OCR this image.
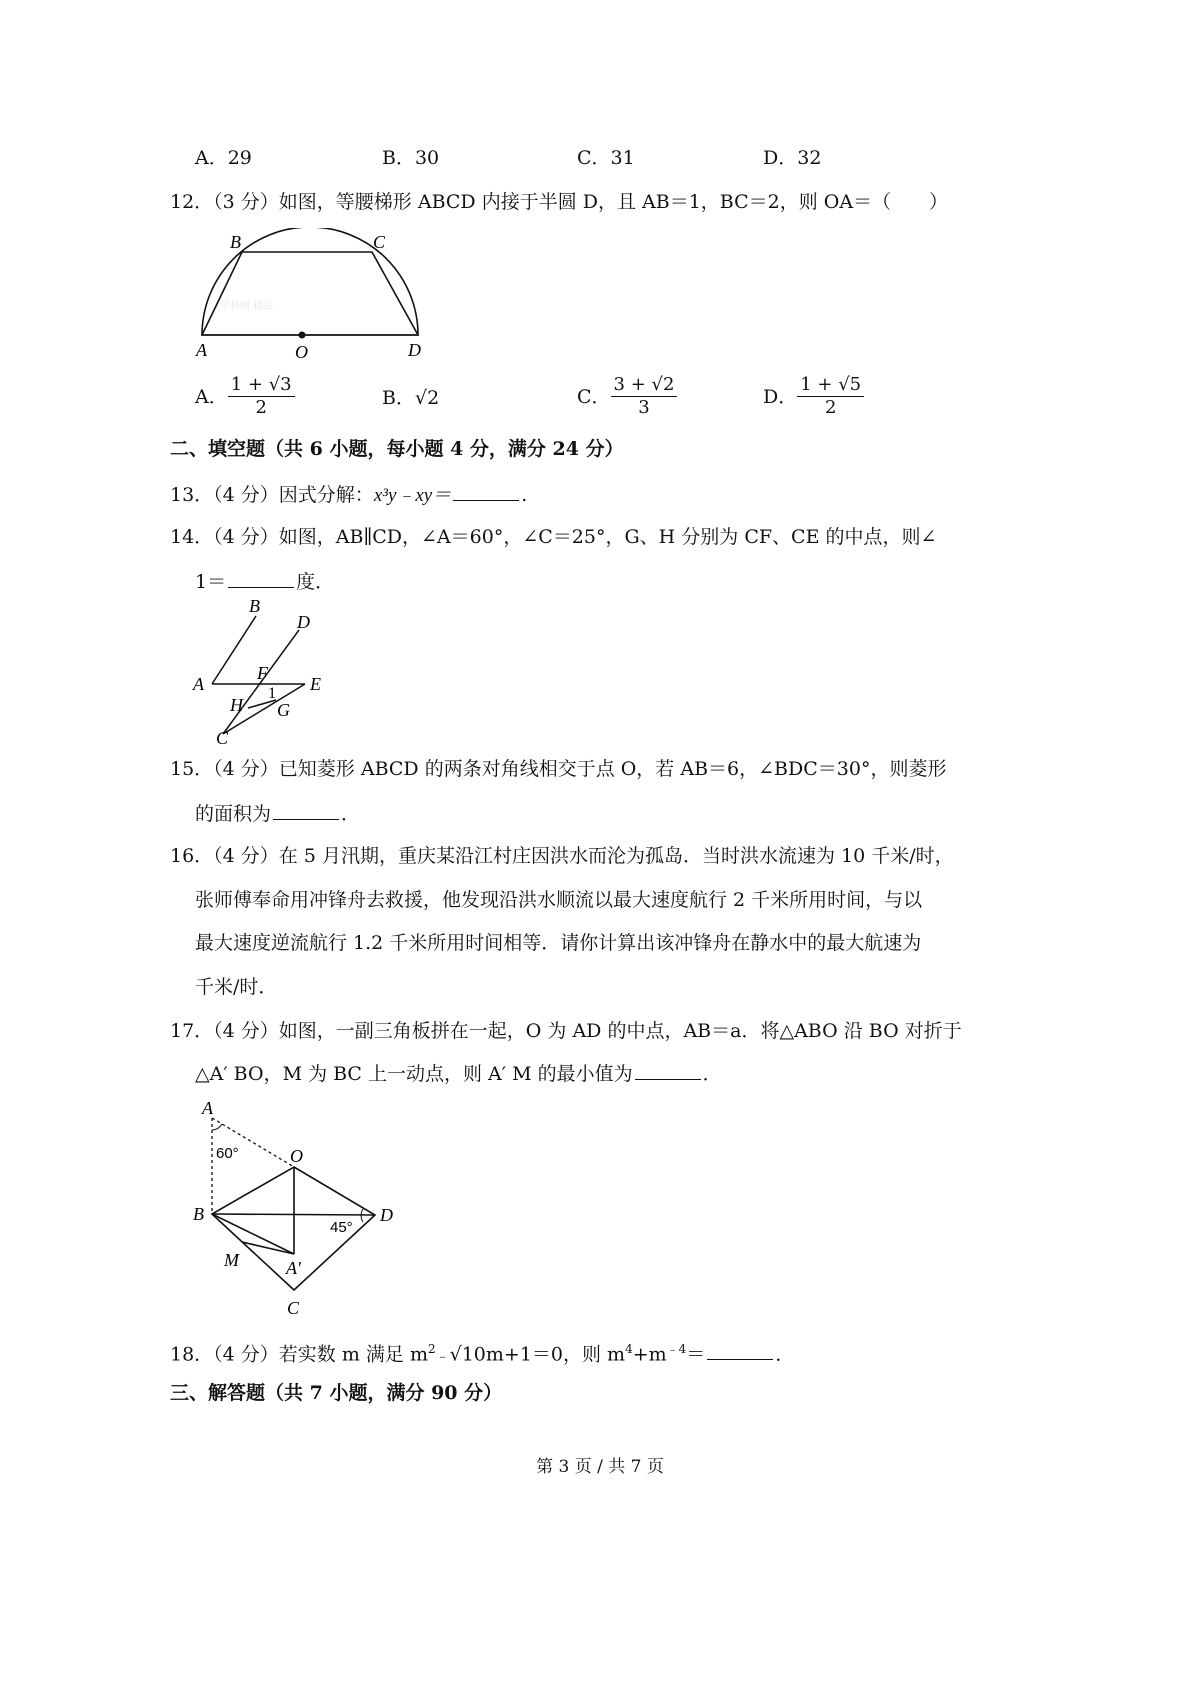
A．29	B．30	C．31	D．32
12．（3 分）如图，等腰梯形 ABCD 内接于半圆 D，且 AB＝1，BC＝2，则 OA＝（　　）
B	C
A	O	D
学科网 精品
A． $\frac{1 + √3}{2}$	B． √2	C． $\frac{3 + √2}{3}$	D． $\frac{1 + √5}{2}$
二、填空题（共 6 小题，每小题 4 分，满分 24 分）
13．（4 分）因式分解：x³y﹣xy＝	.
14．（4 分）如图，AB∥CD，∠A＝60°，∠C＝25°，G、H 分别为 CF、CE 的中点，则∠
1＝	度．
B
D
A
F
E
H
1
G
C
15．（4 分）已知菱形 ABCD 的两条对角线相交于点 O，若 AB＝6，∠BDC＝30°，则菱形
的面积为	．
16．（4 分）在 5 月汛期，重庆某沿江村庄因洪水而沦为孤岛．当时洪水流速为 10 千米/时，
张师傅奉命用冲锋舟去救援，他发现沿洪水顺流以最大速度航行 2 千米所用时间，与以
最大速度逆流航行 1.2 千米所用时间相等．请你计算出该冲锋舟在静水中的最大航速为
千米/时．
17．（4 分）如图，一副三角板拼在一起，O 为 AD 的中点，AB＝a．将△ABO 沿 BO 对折于
△A′ BO，M 为 BC 上一动点，则 A′ M 的最小值为	．
A
60°	O
B
45°
D
M	A′
C
18．（4 分）若实数 m 满足 $m^2﹣√10m+1=0$，则 $m^4+m^{﹣4}=$	．
三、解答题（共 7 小题，满分 90 分）
第 3 页 / 共 7 页
